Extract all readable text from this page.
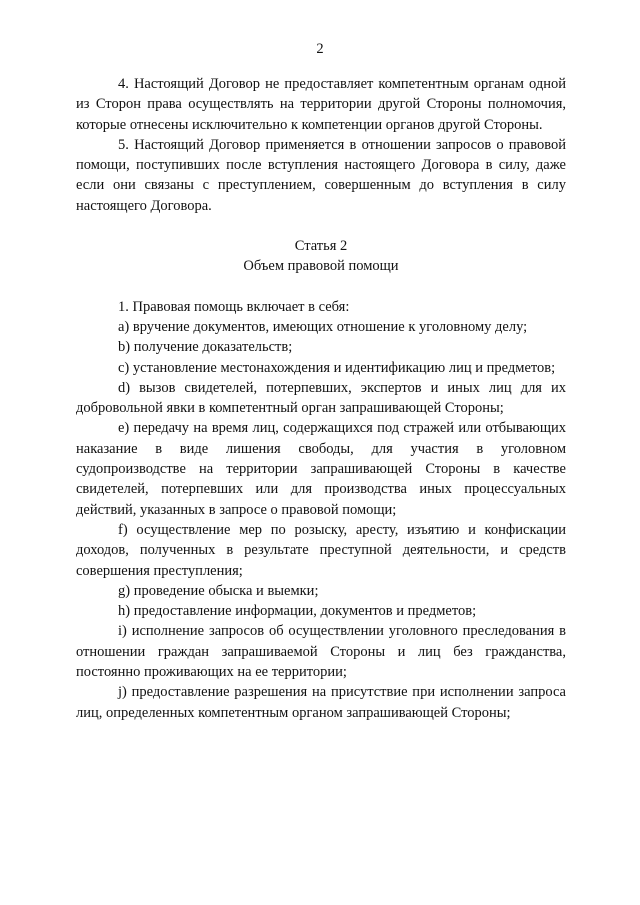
2

4. Настоящий Договор не предоставляет компетентным органам одной из Сторон права осуществлять на территории другой Стороны полномочия, которые отнесены исключительно к компетенции органов другой Стороны.

5. Настоящий Договор применяется в отношении запросов о правовой помощи, поступивших после вступления настоящего Договора в силу, даже если они связаны с преступлением, совершенным до вступления в силу настоящего Договора.

Статья 2

Объем правовой помощи

1. Правовая помощь включает в себя:

a) вручение документов, имеющих отношение к уголовному делу;

b) получение доказательств;

c) установление местонахождения и идентификацию лиц и предметов;

d) вызов свидетелей, потерпевших, экспертов и иных лиц для их добровольной явки в компетентный орган запрашивающей Стороны;

e) передачу на время лиц, содержащихся под стражей или отбывающих наказание в виде лишения свободы, для участия в уголовном судопроизводстве на территории запрашивающей Стороны в качестве свидетелей, потерпевших или для производства иных процессуальных действий, указанных в запросе о правовой помощи;

f) осуществление мер по розыску, аресту, изъятию и конфискации доходов, полученных в результате преступной деятельности, и средств совершения преступления;

g) проведение обыска и выемки;

h) предоставление информации, документов и предметов;

i) исполнение запросов об осуществлении уголовного преследования в отношении граждан запрашиваемой Стороны и лиц без гражданства, постоянно проживающих на ее территории;

j) предоставление разрешения на присутствие при исполнении запроса лиц, определенных компетентным органом запрашивающей Стороны;
